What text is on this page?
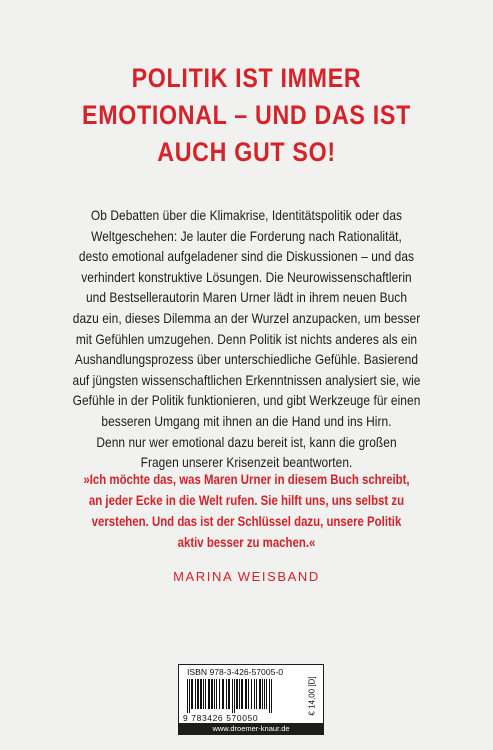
POLITIK IST IMMER
EMOTIONAL – UND DAS IST
AUCH GUT SO!
Ob Debatten über die Klimakrise, Identitätspolitik oder das
Weltgeschehen: Je lauter die Forderung nach Rationalität,
desto emotional aufgeladener sind die Diskussionen – und das
verhindert konstruktive Lösungen. Die Neurowissenschaftlerin
und Bestsellerautorin Maren Urner lädt in ihrem neuen Buch
dazu ein, dieses Dilemma an der Wurzel anzupacken, um besser
mit Gefühlen umzugehen. Denn Politik ist nichts anderes als ein
Aushandlungsprozess über unterschiedliche Gefühle. Basierend
auf jüngsten wissenschaftlichen Erkenntnissen analysiert sie, wie
Gefühle in der Politik funktionieren, und gibt Werkzeuge für einen
besseren Umgang mit ihnen an die Hand und ins Hirn.
Denn nur wer emotional dazu bereit ist, kann die großen
Fragen unserer Krisenzeit beantworten.
»Ich möchte das, was Maren Urner in diesem Buch schreibt,
an jeder Ecke in die Welt rufen. Sie hilft uns, uns selbst zu
verstehen. Und das ist der Schlüssel dazu, unsere Politik
aktiv besser zu machen.«
MARINA WEISBAND
ISBN 978-3-426-57005-0
9 783426 570050
€ 14,00 [D]
www.droemer-knaur.de
